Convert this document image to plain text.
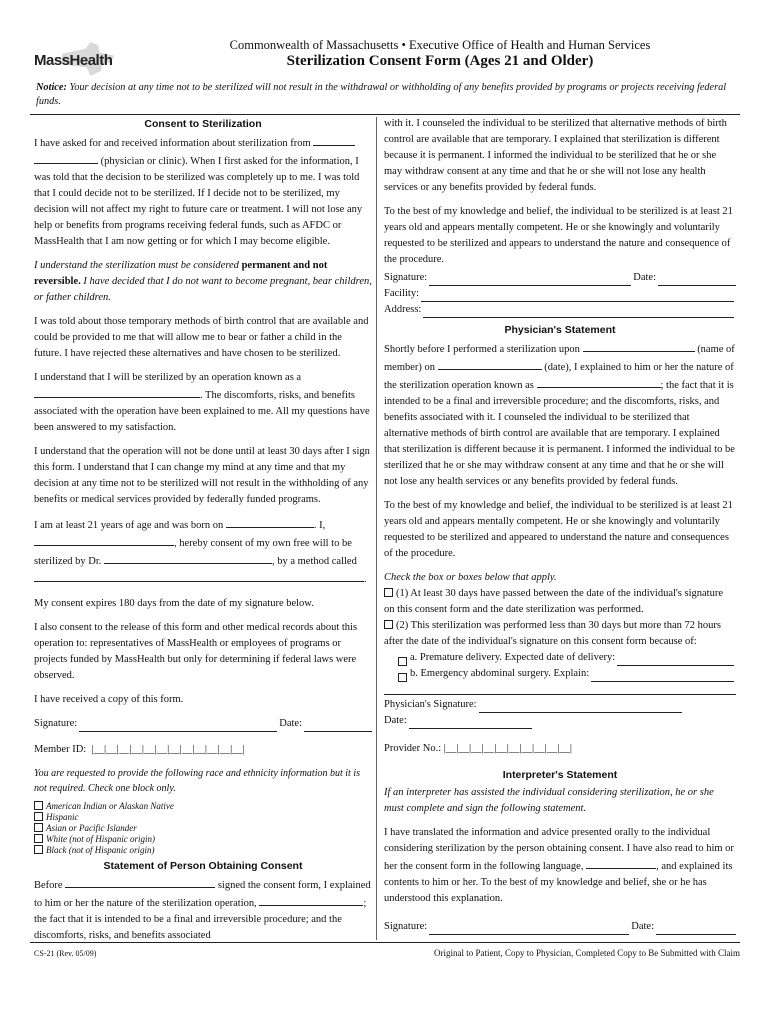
MassHealth
Commonwealth of Massachusetts • Executive Office of Health and Human Services
Sterilization Consent Form (Ages 21 and Older)
Notice: Your decision at any time not to be sterilized will not result in the withdrawal or withholding of any benefits provided by programs or projects receiving federal funds.
Consent to Sterilization

I have asked for and received information about sterilization from   (physician or clinic). When I first asked for the information, I was told that the decision to be sterilized was completely up to me. I was told that I could decide not to be sterilized. If I decide not to be sterilized, my decision will not affect my right to future care or treatment. I will not lose any help or benefits from programs receiving federal funds, such as AFDC or MassHealth that I am now getting or for which I may become eligible.

I understand the sterilization must be considered permanent and not reversible. I have decided that I do not want to become pregnant, bear children, or father children.

I was told about those temporary methods of birth control that are available and could be provided to me that will allow me to bear or father a child in the future. I have rejected these alternatives and have chosen to be sterilized.

I understand that I will be sterilized by an operation known as a
. The discomforts, risks, and benefits associated with the operation have been explained to me. All my questions have been answered to my satisfaction.

I understand that the operation will not be done until at least 30 days after I sign this form. I understand that I can change my mind at any time and that my decision at any time not to be sterilized will not result in the withholding of any benefits or medical services provided by federally funded programs.

I am at least 21 years of age and was born on	. I,
, hereby consent of my own free will to be
sterilized by Dr.	, by a method called
.

My consent expires 180 days from the date of my signature below.

I also consent to the release of this form and other medical records about this operation to: representatives of MassHealth or employees of programs or projects funded by MassHealth but only for determining if federal laws were observed.

I have received a copy of this form.

Signature:	Date:
Member ID:  |__|__|__|__|__|__|__|__|__|__|__|__|

You are requested to provide the following race and ethnicity information but it is not required. Check one block only.

American Indian or Alaskan Native
Hispanic
Asian or Pacific Islander
White (not of Hispanic origin)
Black (not of Hispanic origin)
Statement of Person Obtaining Consent

Before	signed the consent form, I explained to him or her the nature of the sterilization operation,	; the fact that it is intended to be a final and irreversible procedure; and the discomforts, risks, and benefits associated

with it. I counseled the individual to be sterilized that alternative methods of birth control are available that are temporary. I explained that sterilization is different because it is permanent. I informed the individual to be sterilized that he or she may withdraw consent at any time and that he or she will not lose any health services or any benefits provided by federal funds.

To the best of my knowledge and belief, the individual to be sterilized is at least 21 years old and appears mentally competent. He or she knowingly and voluntarily requested to be sterilized and appears to understand the nature and consequence of the procedure.

Signature:	Date:
Facility:
Address:
Physician's Statement

Shortly before I performed a sterilization upon	(name of member) on	(date), I explained to him or her the nature of the sterilization operation known as	; the fact that it is intended to be a final and irreversible procedure; and the discomforts, risks, and benefits associated with it. I counseled the individual to be sterilized that alternative methods of birth control are available that are temporary. I explained that sterilization is different because it is permanent. I informed the individual to be sterilized that he or she may withdraw consent at any time and that he or she will not lose any health services or any benefits provided by federal funds.

To the best of my knowledge and belief, the individual to be sterilized is at least 21 years old and appears mentally competent. He or she knowingly and voluntarily requested to be sterilized and appeared to understand the nature and consequences of the procedure.

Check the box or boxes below that apply.
(1) At least 30 days have passed between the date of the individual's signature on this consent form and the date sterilization was performed.
(2) This sterilization was performed less than 30 days but more than 72 hours after the date of the individual's signature on this consent form because of:
a. Premature delivery. Expected date of delivery:
b. Emergency abdominal surgery. Explain:
Physician's Signature:
Date:
Provider No.: |__|__|__|__|__|__|__|__|__|__|
Interpreter's Statement

If an interpreter has assisted the individual considering sterilization, he or she must complete and sign the following statement.

I have translated the information and advice presented orally to the individual considering sterilization by the person obtaining consent. I have also read to him or her the consent form in the following language,	, and explained its contents to him or her. To the best of my knowledge and belief, she or he has understood this explanation.

Signature:	Date:
CS-21 (Rev. 05/09)	Original to Patient, Copy to Physician, Completed Copy to Be Submitted with Claim
